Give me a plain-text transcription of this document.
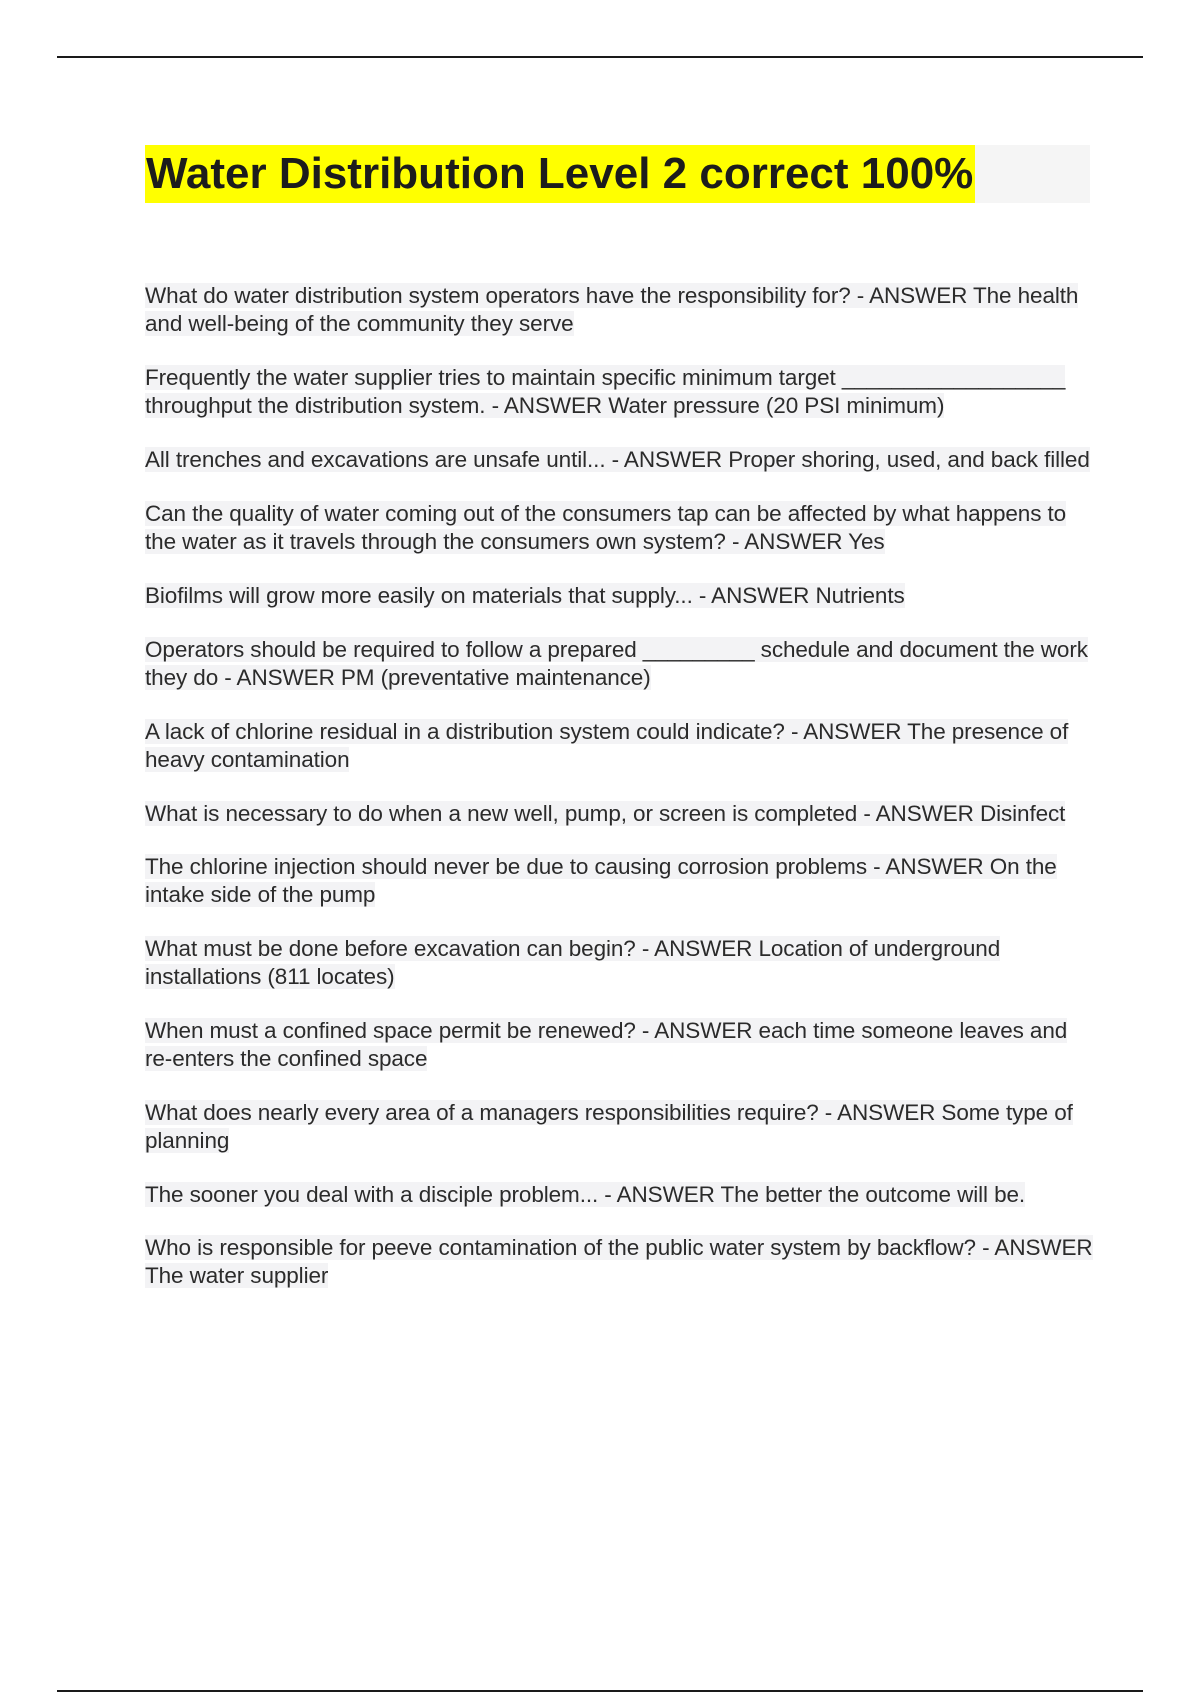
Water Distribution Level 2 correct 100%

What do water distribution system operators have the responsibility for? - ANSWER The health and well-being of the community they serve

Frequently the water supplier tries to maintain specific minimum target __________________ throughput the distribution system. - ANSWER Water pressure (20 PSI minimum)

All trenches and excavations are unsafe until... - ANSWER Proper shoring, used, and back filled

Can the quality of water coming out of the consumers tap can be affected by what happens to the water as it travels through the consumers own system? - ANSWER Yes

Biofilms will grow more easily on materials that supply... - ANSWER Nutrients

Operators should be required to follow a prepared _________ schedule and document the work they do - ANSWER PM (preventative maintenance)

A lack of chlorine residual in a distribution system could indicate? - ANSWER The presence of heavy contamination

What is necessary to do when a new well, pump, or screen is completed - ANSWER Disinfect

The chlorine injection should never be due to causing corrosion problems - ANSWER On the intake side of the pump

What must be done before excavation can begin? - ANSWER Location of underground installations (811 locates)

When must a confined space permit be renewed? - ANSWER each time someone leaves and re-enters the confined space

What does nearly every area of a managers responsibilities require? - ANSWER Some type of planning

The sooner you deal with a disciple problem... - ANSWER The better the outcome will be.

Who is responsible for peeve contamination of the public water system by backflow? - ANSWER The water supplier
